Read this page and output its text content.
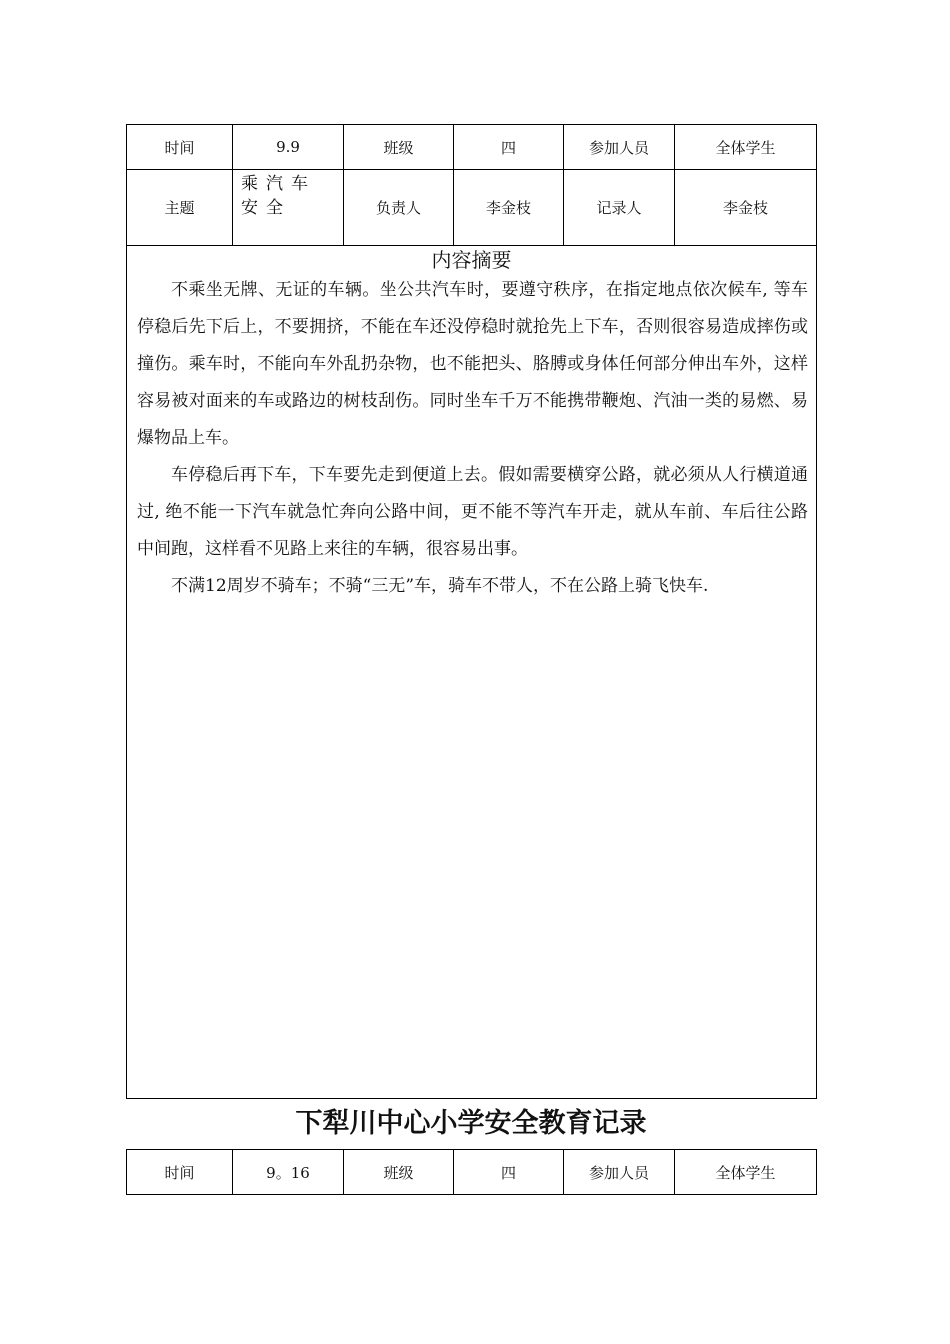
时间	9.9	班级	四	参加人员	全体学生
主题	乘汽车安全	负责人	李金枝	记录人	李金枝

内容摘要

不乘坐无牌、无证的车辆。坐公共汽车时，要遵守秩序，在指定地点依次候车, 等车停稳后先下后上，不要拥挤，不能在车还没停稳时就抢先上下车，否则很容易造成摔伤或撞伤。乘车时，不能向车外乱扔杂物，也不能把头、胳膊或身体任何部分伸出车外，这样容易被对面来的车或路边的树枝刮伤。同时坐车千万不能携带鞭炮、汽油一类的易燃、易爆物品上车。

车停稳后再下车，下车要先走到便道上去。假如需要横穿公路，就必须从人行横道通过, 绝不能一下汽车就急忙奔向公路中间，更不能不等汽车开走，就从车前、车后往公路中间跑，这样看不见路上来往的车辆，很容易出事。

不满12周岁不骑车；不骑“三无”车，骑车不带人，不在公路上骑飞快车.					

下犁川中心小学安全教育记录
时间	9。16	班级	四	参加人员	全体学生
